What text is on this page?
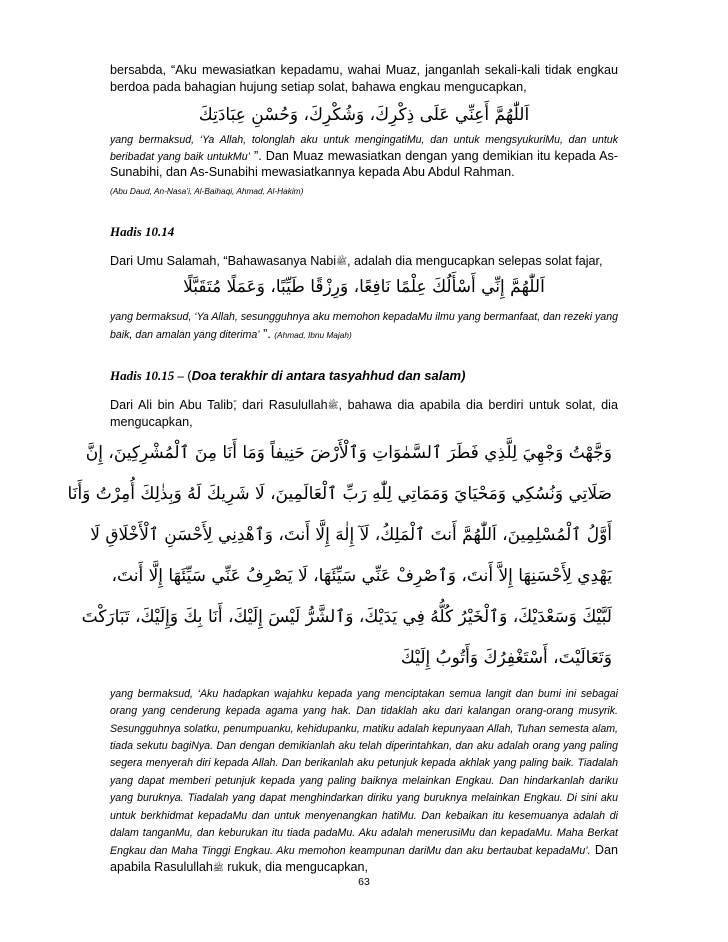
bersabda, “Aku mewasiatkan kepadamu, wahai Muaz, janganlah sekali-kali tidak engkau berdoa pada bahagian hujung setiap solat, bahawa engkau mengucapkan,

اَللّٰهُمَّ أَعِنِّي عَلَى ذِكْرِكَ، وَشُكْرِكَ، وَحُسْنِ عِبَادَتِكَ

yang bermaksud, ‘Ya Allah, tolonglah aku untuk mengingatiMu, dan untuk mengsyukuriMu, dan untuk beribadat yang baik untukMu’ ”. Dan Muaz mewasiatkan dengan yang demikian itu kepada As-Sunabihi, dan As-Sunabihi mewasiatkannya kepada Abu Abdul Rahman.

(Abu Daud, An-Nasa’i, Al-Baihaqi, Ahmad, Al-Hakim)

Hadis 10.14

Dari Umu Salamah, “Bahawasanya Nabiﷺ, adalah dia mengucapkan selepas solat fajar,

اَللّٰهُمَّ إِنِّي أَسْأَلُكَ عِلْمًا نَافِعًا، وَرِزْقًا طَيِّبًا، وَعَمَلًا مُتَقَبَّلًا

yang bermaksud, ‘Ya Allah, sesungguhnya aku memohon kepadaMu ilmu yang bermanfaat, dan rezeki yang baik, dan amalan yang diterima’ ”. (Ahmad, Ibnu Majah)

Hadis 10.15 – (Doa terakhir di antara tasyahhud dan salam)

Dari Ali bin Abu Talib, dari Rasulullahﷺ, bahawa dia apabila dia berdiri untuk solat, dia mengucapkan,

وَجَّهْتُ وَجْهِيَ لِلَّذِي فَطَرَ ٱلسَّمٰوَاتِ وَٱلْأَرْضَ حَنِيفاً وَمَا أَنَا مِنَ ٱلْمُشْرِكِينَ، إِنَّ
صَلَاتِي وَنُسُكِي وَمَحْيَايَ وَمَمَاتِي لِلّٰهِ رَبِّ ٱلْعَالَمِينَ، لَا شَرِيكَ لَهُ وَبِذٰلِكَ أُمِرْتُ وَأَنَا
أَوَّلُ ٱلْمُسْلِمِينَ، اَللّٰهُمَّ أَنتَ ٱلْمَلِكُ، لَآ إِلٰهَ إِلَّا أَنتَ، وَٱهْدِنِي لِأَحْسَنِ ٱلْأَخْلَاقِ لَا
يَهْدِي لِأَحْسَنِهَا إِلاَّ أَنتَ، وَٱصْرِفْ عَنِّي سَيِّئَهَا، لَا يَصْرِفُ عَنِّي سَيِّئَهَا إِلَّا أَنتَ،
لَبَّيْكَ وَسَعْدَيْكَ، وَٱلْخَيْرُ كُلُّهُ فِي يَدَيْكَ، وَٱلشَّرُّ لَيْسَ إِلَيْكَ، أَنَا بِكَ وَإِلَيْكَ، تَبَارَكْتَ
وَتَعَالَيْتَ، أَسْتَغْفِرُكَ وَأَتُوبُ إِلَيْكَ

yang bermaksud, ‘Aku hadapkan wajahku kepada yang menciptakan semua langit dan bumi ini sebagai orang yang cenderung kepada agama yang hak. Dan tidaklah aku dari kalangan orang-orang musyrik. Sesungguhnya solatku, penumpuanku, kehidupanku, matiku adalah kepunyaan Allah, Tuhan semesta alam, tiada sekutu bagiNya. Dan dengan demikianlah aku telah diperintahkan, dan aku adalah orang yang paling segera menyerah diri kepada Allah. Dan berikanlah aku petunjuk kepada akhlak yang paling baik. Tiadalah yang dapat memberi petunjuk kepada yang paling baiknya melainkan Engkau. Dan hindarkanlah dariku yang buruknya. Tiadalah yang dapat menghindarkan diriku yang buruknya melainkan Engkau. Di sini aku untuk berkhidmat kepadaMu dan untuk menyenangkan hatiMu. Dan kebaikan itu kesemuanya adalah di dalam tanganMu, dan keburukan itu tiada padaMu. Aku adalah menerusiMu dan kepadaMu. Maha Berkat Engkau dan Maha Tinggi Engkau. Aku memohon keampunan dariMu dan aku bertaubat kepadaMu’. Dan apabila Rasulullahﷺ rukuk, dia mengucapkan,

63
